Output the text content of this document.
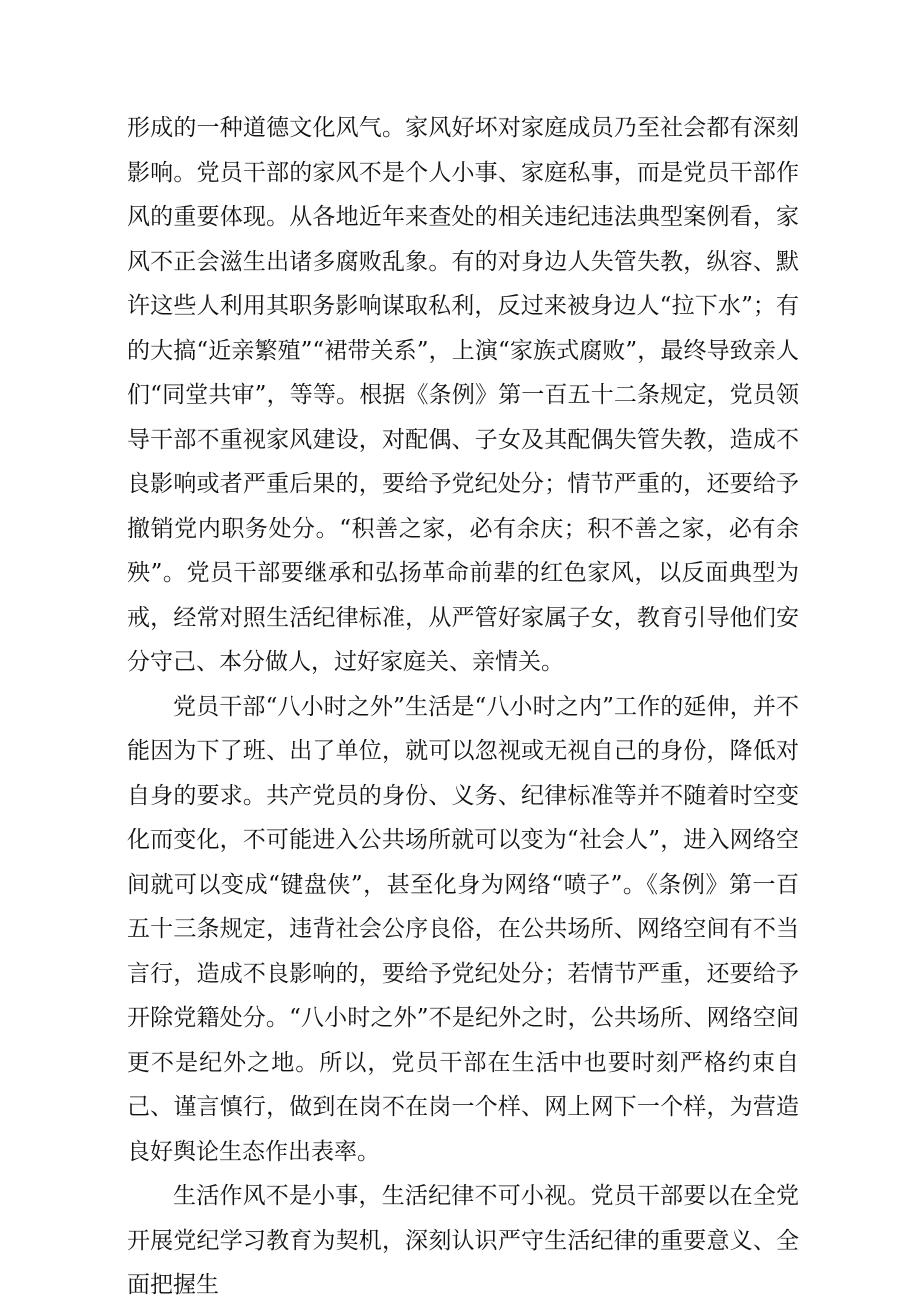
形成的一种道德文化风气。家风好坏对家庭成员乃至社会都有深刻影响。党员干部的家风不是个人小事、家庭私事，而是党员干部作风的重要体现。从各地近年来查处的相关违纪违法典型案例看，家风不正会滋生出诸多腐败乱象。有的对身边人失管失教，纵容、默许这些人利用其职务影响谋取私利，反过来被身边人“拉下水”；有的大搞“近亲繁殖”“裙带关系”，上演“家族式腐败”，最终导致亲人们“同堂共审”，等等。根据《条例》第一百五十二条规定，党员领导干部不重视家风建设，对配偶、子女及其配偶失管失教，造成不良影响或者严重后果的，要给予党纪处分；情节严重的，还要给予撤销党内职务处分。“积善之家，必有余庆；积不善之家，必有余殃”。党员干部要继承和弘扬革命前辈的红色家风，以反面典型为戒，经常对照生活纪律标准，从严管好家属子女，教育引导他们安分守己、本分做人，过好家庭关、亲情关。

党员干部“八小时之外”生活是“八小时之内”工作的延伸，并不能因为下了班、出了单位，就可以忽视或无视自己的身份，降低对自身的要求。共产党员的身份、义务、纪律标准等并不随着时空变化而变化，不可能进入公共场所就可以变为“社会人”，进入网络空间就可以变成“键盘侠”，甚至化身为网络“喷子”。《条例》第一百五十三条规定，违背社会公序良俗，在公共场所、网络空间有不当言行，造成不良影响的，要给予党纪处分；若情节严重，还要给予开除党籍处分。“八小时之外”不是纪外之时，公共场所、网络空间更不是纪外之地。所以，党员干部在生活中也要时刻严格约束自己、谨言慎行，做到在岗不在岗一个样、网上网下一个样，为营造良好舆论生态作出表率。

生活作风不是小事，生活纪律不可小视。党员干部要以在全党开展党纪学习教育为契机，深刻认识严守生活纪律的重要意义、全面把握生
